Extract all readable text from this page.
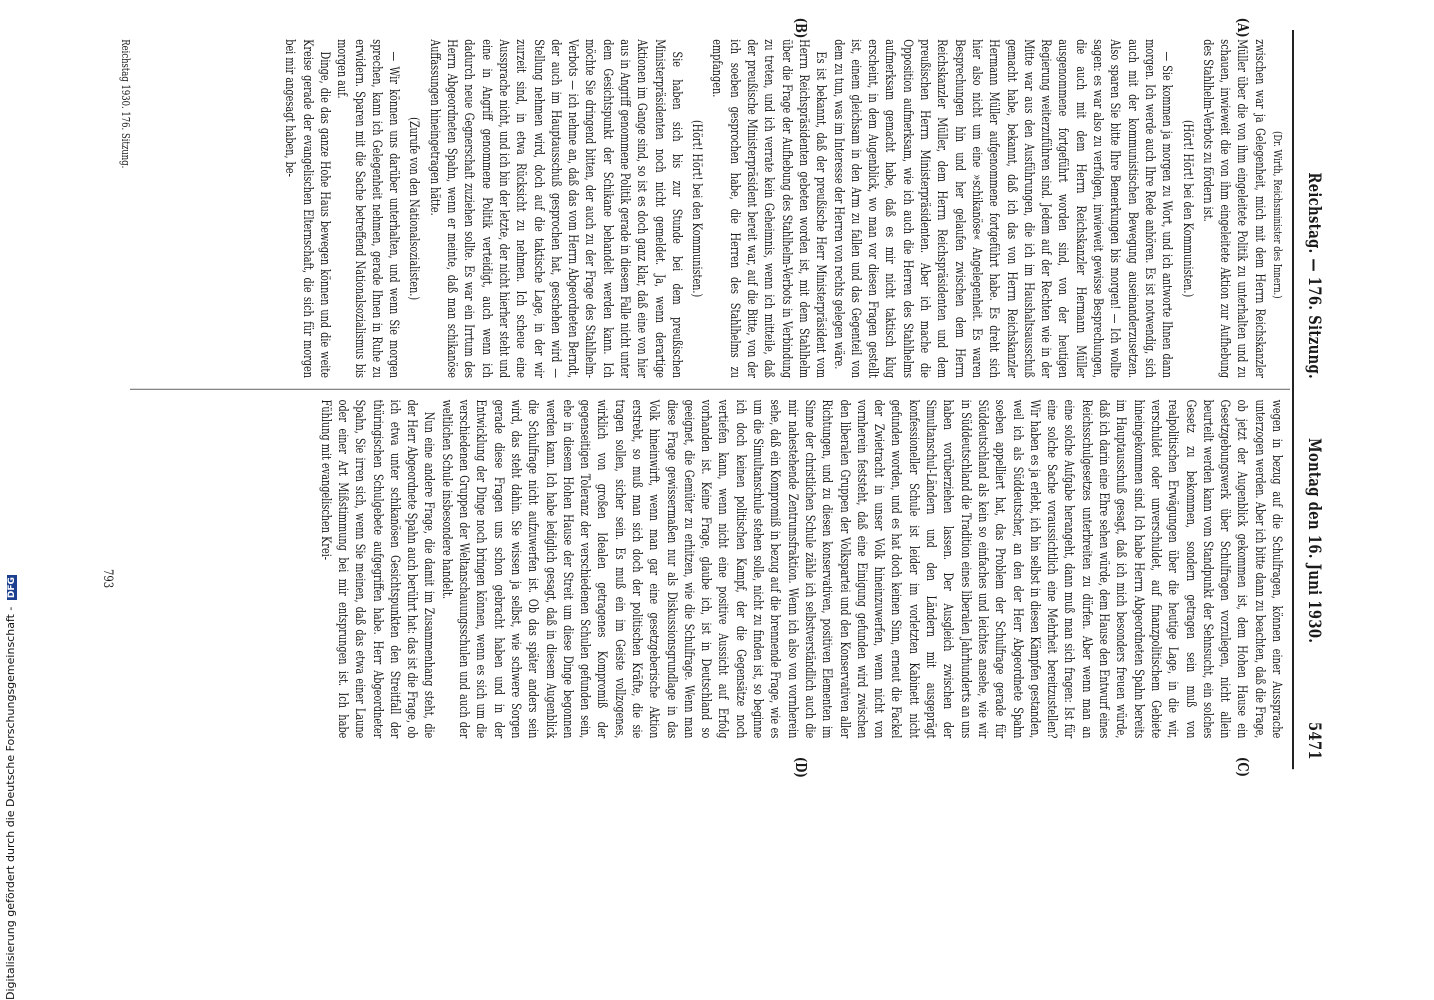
Reichstag. — 176. Sitzung.
Montag den 16. Juni 1930.
5471
(A)
(B)
(C)
(D)

(Dr. Wirth, Reichsminister des Innern.)

zwischen war ja Gelegenheit, mich mit dem Herrn Reichskanzler Müller über die von ihm eingeleitete Politik zu unterhalten und zu schauen, inwieweit die von ihm eingeleitete Aktion zur Aufhebung des Stahlhelm-Verbots zu fördern ist.

(Hört! Hört! bei den Kommunisten.)

— Sie kommen ja morgen zu Wort, und ich antworte Ihnen dann morgen. Ich werde auch Ihre Rede anhören. Es ist notwendig, sich auch mit der kommunistischen Bewegung auseinanderzusetzen. Also sparen Sie bitte Ihre Bemerkungen bis morgen! — Ich wollte sagen: es war also zu verfolgen, inwieweit gewisse Besprechungen, die auch mit dem Herrn Reichskanzler Hermann Müller ausgenommene fortgeführt worden sind, von der heutigen Regierung weiterzuführen sind. Jedem auf der Rechten wie in der Mitte war aus den Ausführungen, die ich im Haushaltsausschuß gemacht habe, bekannt, daß ich das von Herrn Reichskanzler Hermann Müller aufgenommene fortgeführt habe. Es dreht sich hier also nicht um eine »schikanöse« Angelegenheit. Es waren Besprechungen hin und her gelaufen zwischen dem Herrn Reichskanzler Müller, dem Herrn Reichspräsidenten und dem preußischen Herrn Ministerpräsidenten. Aber ich mache die Opposition aufmerksam, wie ich auch die Herren des Stahlhelms aufmerksam gemacht habe, daß es mir nicht taktisch klug erscheint, in dem Augenblick, wo man vor diesen Fragen gestellt ist, einem gleichsam in den Arm zu fallen und das Gegenteil von dem zu tun, was im Interesse der Herren von rechts gelegen wäre.

Es ist bekannt, daß der preußische Herr Ministerpräsident vom Herrn Reichspräsidenten gebeten worden ist, mit dem Stahlhelm über die Frage der Aufhebung des Stahlhelm-Verbots in Verbindung zu treten, und ich verrate kein Geheimnis, wenn ich mitteile, daß der preußische Ministerpräsident bereit war, auf die Bitte, von der ich soeben gesprochen habe, die Herren des Stahlhelms zu empfangen.

(Hört! Hört! bei den Kommunisten.)

Sie haben sich bis zur Stunde bei dem preußischen Ministerpräsidenten noch nicht gemeldet. Ja, wenn derartige Aktionen im Gange sind, so ist es doch ganz klar, daß eine von hier aus in Angriff genommene Politik gerade in diesem Falle nicht unter dem Gesichtspunkt der Schikane behandelt werden kann. Ich möchte Sie dringend bitten, der auch zu der Frage des Stahlhelm-Verbots — ich nehme an, daß das vom Herrn Abgeordneten Berndt, der auch im Hauptausschuß gesprochen hat, geschehen wird — Stellung nehmen wird, doch auf die taktische Lage, in der wir zurzeit sind, in etwa Rücksicht zu nehmen. Ich scheue eine Aussprache nicht, und ich bin der letzte, der nicht hierher steht und eine in Angriff genommene Politik verteidigt, auch wenn ich dadurch neue Gegnerschaft zuziehen sollte. Es war ein Irrtum des Herrn Abgeordneten Spahn, wenn er meinte, daß man schikanöse Auffassungen hineingetragen hätte.

(Zurufe von den Nationalsozialisten.)

— Wir können uns darüber unterhalten, und wenn Sie morgen sprechen, kann ich Gelegenheit nehmen, gerade Ihnen in Ruhe zu erwidern. Sparen mit die Sache betreffend Nationalsozialismus bis morgen auf.

Dinge, die das ganze Hohe Haus bewegen können und die weite Kreise gerade der evangelischen Elternschaft, die sich für morgen bei mir angesagt haben, be-

wegen in bezug auf die Schulfragen, können einer Aussprache unterzogen werden. Aber ich bitte dann zu beachten, daß die Frage, ob jetzt der Augenblick gekommen ist, dem Hohen Hause ein Gesetzgebungswerk über Schulfragen vorzulegen, nicht allein beurteilt werden kann vom Standpunkt der Sehnsucht, ein solches Gesetz zu bekommen, sondern getragen sein muß von realpolitischen Erwägungen über die heutige Lage, in die wir, verschuldet oder unverschuldet, auf finanzpolitischem Gebiete hineingekommen sind. Ich habe Herrn Abgeordneten Spahn bereits im Hauptausschuß gesagt, daß ich mich besonders freuen würde, daß ich darin eine Ehre sehen würde, dem Hause den Entwurf eines Reichsschulgesetzes unterbreiten zu dürfen. Aber wenn man an eine solche Aufgabe herangeht, dann muß man sich fragen: Ist für eine solche Sache voraussichtlich eine Mehrheit bereitzustellen? Wir haben es ja erlebt, ich bin selbst in diesen Kämpfen gestanden, weil ich als Süddeutscher, an den der Herr Abgeordnete Spahn soeben appelliert hat, das Problem der Schulfrage gerade für Süddeutschland als kein so einfaches und leichtes ansehe, wie wir in Süddeutschland die Tradition eines liberalen Jahrhunderts an uns haben vorüberziehen lassen. Der Ausgleich zwischen der Simultanschul-Ländern und den Ländern mit ausgeprägt konfessioneller Schule ist leider im vorletzten Kabinett nicht gefunden worden, und es hat doch keinen Sinn, erneut die Fackel der Zwietracht in unser Volk hineinzuwerfen, wenn nicht von vornherein feststeht, daß eine Einigung gefunden wird zwischen den liberalen Gruppen der Volkspartei und den Konservativen aller Richtungen, und zu diesen konservativen, positiven Elementen im Sinne der christlichen Schule zähle ich selbstverständlich auch die mir nahestehende Zentrumsfraktion. Wenn ich also von vornherein sehe, daß ein Kompromiß in bezug auf die brennende Frage, wie es um die Simultanschule stehen solle, nicht zu finden ist, so beginne ich doch keinen politischen Kampf, der die Gegensätze noch vertiefen kann, wenn nicht eine positive Aussicht auf Erfolg vorhanden ist. Keine Frage, glaube ich, ist in Deutschland so geeignet, die Gemüter zu erhitzen, wie die Schulfrage. Wenn man diese Frage gewissermaßen nur als Diskussionsgrundlage in das Volk hineinwirft, wenn man gar eine gesetzgeberische Aktion erstrebt, so muß man sich doch der politischen Kräfte, die sie tragen sollen, sicher sein. Es muß ein im Geiste vollzogenes, wirklich von großen Idealen getragenes Kompromiß der gegenseitigen Toleranz der verschiedenen Schulen gefunden sein, ehe in diesem Hohen Hause der Streit um diese Dinge begonnen werden kann. Ich habe lediglich gesagt, daß in diesem Augenblick die Schulfrage nicht aufzuwerfen ist. Ob das später anders sein wird, das steht dahin. Sie wissen ja selbst, wie schwere Sorgen gerade diese Fragen uns schon gebracht haben und in der Entwicklung der Dinge noch bringen können, wenn es sich um die verschiedenen Gruppen der Weltanschauungsschulen und auch der weltlichen Schule insbesondere handelt.

Nun eine andere Frage, die damit im Zusammenhang steht, die der Herr Abgeordnete Spahn auch berührt hat: das ist die Frage, ob ich etwa unter schikanösen Gesichtspunkten den Streitfall der thüringischen Schulgebete aufgegriffen habe. Herr Abgeordneter Spahn, Sie irren sich, wenn Sie meinen, daß das etwa einer Laune oder einer Art Mißstimmung bei mir entsprungen ist. Ich habe Fühlung mit evangelischen Krei-

Reichstag 1930. 176. Sitzung.
793
Digitalisierung gefördert durch die Deutsche Forschungsgemeinschaft - DFG
